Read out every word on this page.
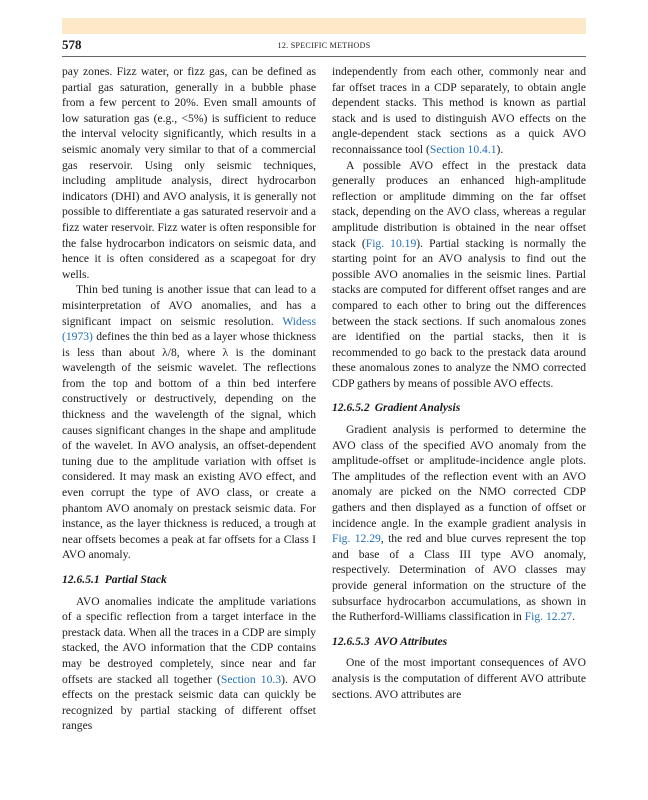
578	12. SPECIFIC METHODS

pay zones. Fizz water, or fizz gas, can be defined as partial gas saturation, generally in a bubble phase from a few percent to 20%. Even small amounts of low saturation gas (e.g., <5%) is sufficient to reduce the interval velocity significantly, which results in a seismic anomaly very similar to that of a commercial gas reservoir. Using only seismic techniques, including amplitude analysis, direct hydrocarbon indicators (DHI) and AVO analysis, it is generally not possible to differentiate a gas saturated reservoir and a fizz water reservoir. Fizz water is often responsible for the false hydrocarbon indicators on seismic data, and hence it is often considered as a scapegoat for dry wells.

Thin bed tuning is another issue that can lead to a misinterpretation of AVO anomalies, and has a significant impact on seismic resolution. Widess (1973) defines the thin bed as a layer whose thickness is less than about λ/8, where λ is the dominant wavelength of the seismic wavelet. The reflections from the top and bottom of a thin bed interfere constructively or destructively, depending on the thickness and the wavelength of the signal, which causes significant changes in the shape and amplitude of the wavelet. In AVO analysis, an offset-dependent tuning due to the amplitude variation with offset is considered. It may mask an existing AVO effect, and even corrupt the type of AVO class, or create a phantom AVO anomaly on prestack seismic data. For instance, as the layer thickness is reduced, a trough at near offsets becomes a peak at far offsets for a Class I AVO anomaly.

12.6.5.1 Partial Stack

AVO anomalies indicate the amplitude variations of a specific reflection from a target interface in the prestack data. When all the traces in a CDP are simply stacked, the AVO information that the CDP contains may be destroyed completely, since near and far offsets are stacked all together (Section 10.3). AVO effects on the prestack seismic data can quickly be recognized by partial stacking of different offset ranges

independently from each other, commonly near and far offset traces in a CDP separately, to obtain angle dependent stacks. This method is known as partial stack and is used to distinguish AVO effects on the angle-dependent stack sections as a quick AVO reconnaissance tool (Section 10.4.1).

A possible AVO effect in the prestack data generally produces an enhanced high-amplitude reflection or amplitude dimming on the far offset stack, depending on the AVO class, whereas a regular amplitude distribution is obtained in the near offset stack (Fig. 10.19). Partial stacking is normally the starting point for an AVO analysis to find out the possible AVO anomalies in the seismic lines. Partial stacks are computed for different offset ranges and are compared to each other to bring out the differences between the stack sections. If such anomalous zones are identified on the partial stacks, then it is recommended to go back to the prestack data around these anomalous zones to analyze the NMO corrected CDP gathers by means of possible AVO effects.

12.6.5.2 Gradient Analysis

Gradient analysis is performed to determine the AVO class of the specified AVO anomaly from the amplitude-offset or amplitude-incidence angle plots. The amplitudes of the reflection event with an AVO anomaly are picked on the NMO corrected CDP gathers and then displayed as a function of offset or incidence angle. In the example gradient analysis in Fig. 12.29, the red and blue curves represent the top and base of a Class III type AVO anomaly, respectively. Determination of AVO classes may provide general information on the structure of the subsurface hydrocarbon accumulations, as shown in the Rutherford-Williams classification in Fig. 12.27.

12.6.5.3 AVO Attributes

One of the most important consequences of AVO analysis is the computation of different AVO attribute sections. AVO attributes are
